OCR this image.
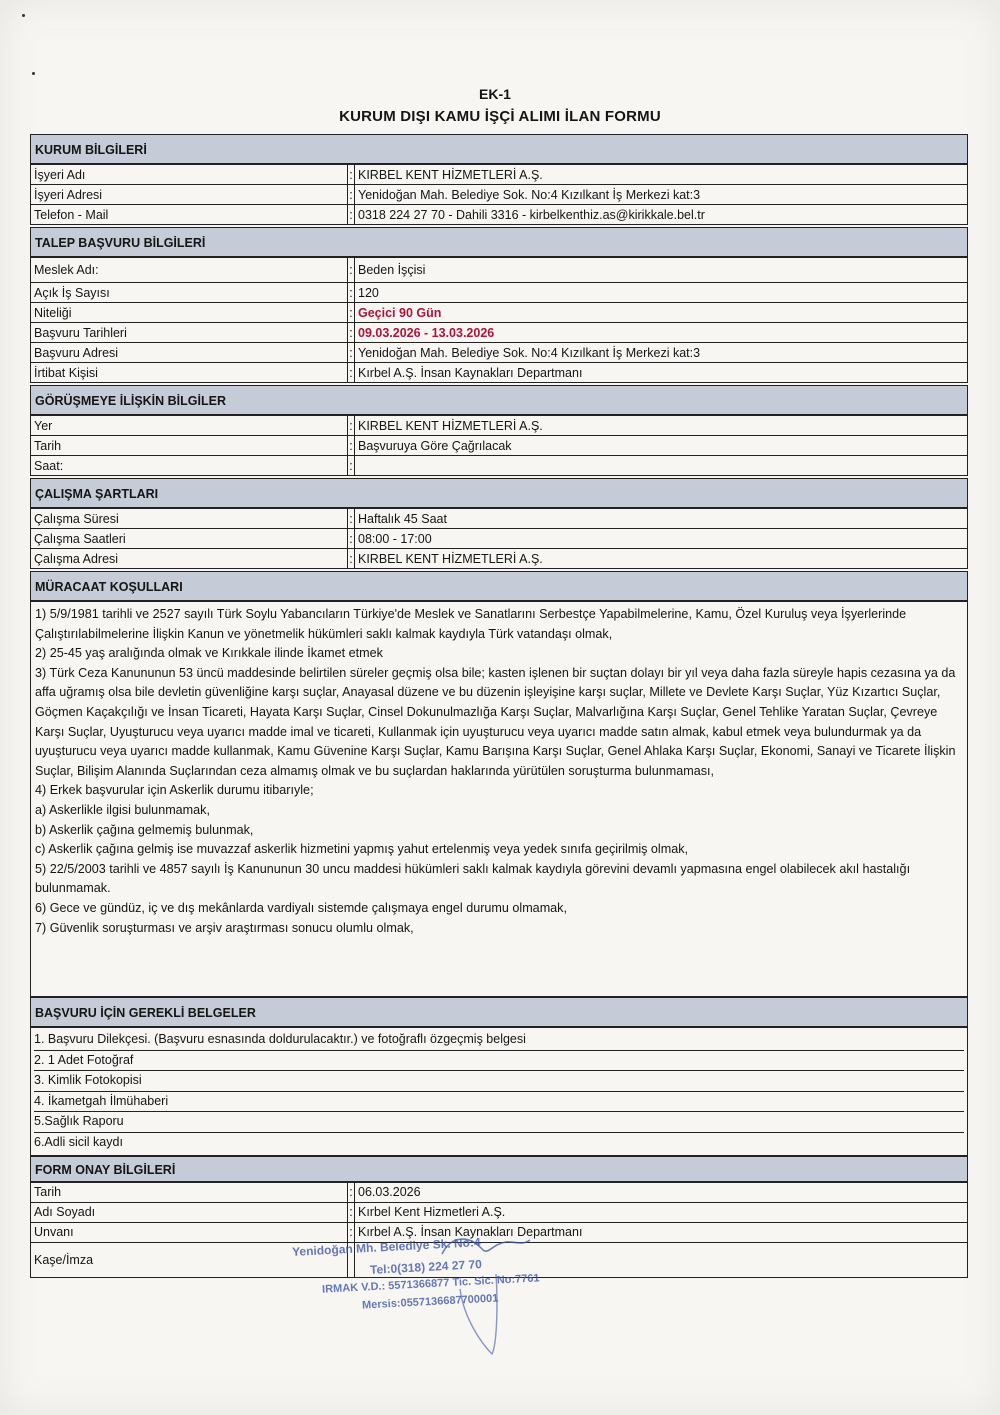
EK-1
KURUM DIŞI KAMU İŞÇİ ALIMI İLAN FORMU
KURUM BİLGİLERİ
İşyeri Adı	:	KIRBEL KENT HİZMETLERİ A.Ş.
İşyeri Adresi	:	Yenidoğan Mah. Belediye Sok. No:4 Kızılkant İş Merkezi kat:3
Telefon - Mail	:	0318 224 27 70 - Dahili 3316 - kirbelkenthiz.as@kirikkale.bel.tr
TALEP BAŞVURU BİLGİLERİ
Meslek Adı:	:	Beden İşçisi
Açık İş Sayısı	:	120
Niteliği	:	Geçici 90 Gün
Başvuru Tarihleri	:	09.03.2026 - 13.03.2026
Başvuru Adresi	:	Yenidoğan Mah. Belediye Sok. No:4 Kızılkant İş Merkezi kat:3
İrtibat Kişisi	:	Kırbel A.Ş. İnsan Kaynakları Departmanı
GÖRÜŞMEYE İLİŞKİN BİLGİLER
Yer	:	KIRBEL KENT HİZMETLERİ A.Ş.
Tarih	:	Başvuruya Göre Çağrılacak
Saat:	:	
ÇALIŞMA ŞARTLARI
Çalışma Süresi	:	Haftalık 45 Saat
Çalışma Saatleri	:	08:00 - 17:00
Çalışma Adresi	:	KIRBEL KENT HİZMETLERİ A.Ş.
MÜRACAAT KOŞULLARI

1) 5/9/1981 tarihli ve 2527 sayılı Türk Soylu Yabancıların Türkiye'de Meslek ve Sanatlarını Serbestçe Yapabilmelerine, Kamu, Özel Kuruluş veya İşyerlerinde Çalıştırılabilmelerine İlişkin Kanun ve yönetmelik hükümleri saklı kalmak kaydıyla Türk vatandaşı olmak,

2) 25-45 yaş aralığında olmak ve Kırıkkale ilinde İkamet etmek

3) Türk Ceza Kanununun 53 üncü maddesinde belirtilen süreler geçmiş olsa bile; kasten işlenen bir suçtan dolayı bir yıl veya daha fazla süreyle hapis cezasına ya da affa uğramış olsa bile devletin güvenliğine karşı suçlar, Anayasal düzene ve bu düzenin işleyişine karşı suçlar, Millete ve Devlete Karşı Suçlar, Yüz Kızartıcı Suçlar, Göçmen Kaçakçılığı ve İnsan Ticareti, Hayata Karşı Suçlar, Cinsel Dokunulmazlığa Karşı Suçlar, Malvarlığına Karşı Suçlar, Genel Tehlike Yaratan Suçlar, Çevreye Karşı Suçlar, Uyuşturucu veya uyarıcı madde imal ve ticareti, Kullanmak için uyuşturucu veya uyarıcı madde satın almak, kabul etmek veya bulundurmak ya da uyuşturucu veya uyarıcı madde kullanmak, Kamu Güvenine Karşı Suçlar, Kamu Barışına Karşı Suçlar, Genel Ahlaka Karşı Suçlar, Ekonomi, Sanayi ve Ticarete İlişkin Suçlar, Bilişim Alanında Suçlarından ceza almamış olmak ve bu suçlardan haklarında yürütülen soruşturma bulunmaması,

4) Erkek başvurular için Askerlik durumu itibarıyle;

a) Askerlikle ilgisi bulunmamak,

b) Askerlik çağına gelmemiş bulunmak,

c) Askerlik çağına gelmiş ise muvazzaf askerlik hizmetini yapmış yahut ertelenmiş veya yedek sınıfa geçirilmiş olmak,

5) 22/5/2003 tarihli ve 4857 sayılı İş Kanununun 30 uncu maddesi hükümleri saklı kalmak kaydıyla görevini devamlı yapmasına engel olabilecek akıl hastalığı bulunmamak.

6) Gece ve gündüz, iç ve dış mekânlarda vardiyalı sistemde çalışmaya engel durumu olmamak,

7) Güvenlik soruşturması ve arşiv araştırması sonucu olumlu olmak,

BAŞVURU İÇİN GEREKLİ BELGELER

1. Başvuru Dilekçesi. (Başvuru esnasında doldurulacaktır.) ve fotoğraflı özgeçmiş belgesi

2. 1 Adet Fotoğraf

3. Kimlik Fotokopisi

4. İkametgah İlmühaberi

5.Sağlık Raporu

6.Adli sicil kaydı

FORM ONAY BİLGİLERİ
Tarih	:	06.03.2026
Adı Soyadı	:	Kırbel Kent Hizmetleri A.Ş.
Unvanı	:	Kırbel A.Ş. İnsan Kaynakları Departmanı
Kaşe/İmza		
Yenidoğan Mh. Belediye Sk. No:4
Tel:0(318) 224 27 70
IRMAK V.D.: 5571366877 Tic. Sic. No:7761
Mersis:0557136687700001
